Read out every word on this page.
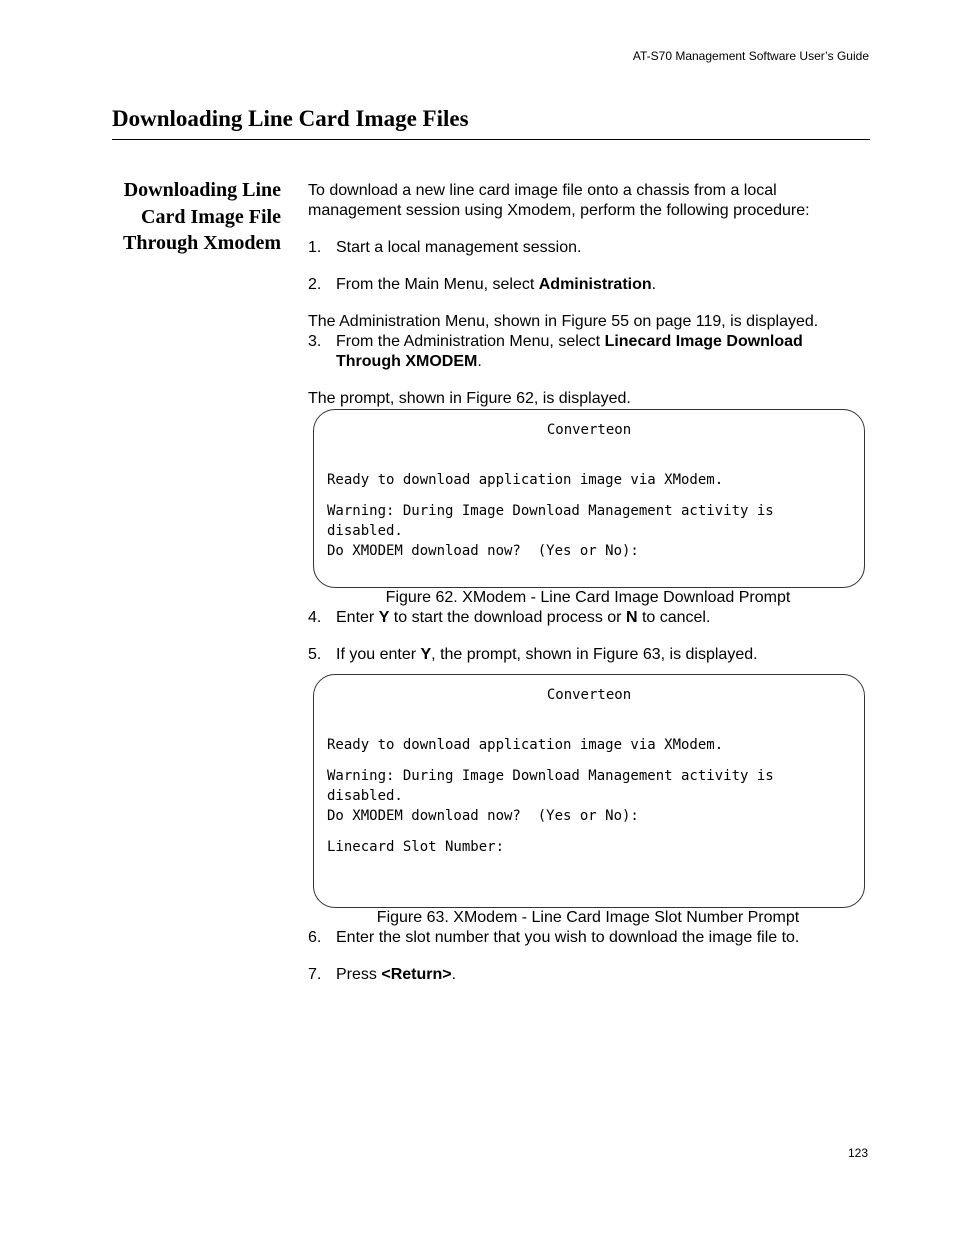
AT-S70 Management Software User’s Guide
Downloading Line Card Image Files
Downloading Line Card Image File Through Xmodem

To download a new line card image file onto a chassis from a local management session using Xmodem, perform the following procedure:

1. Start a local management session.
2. From the Main Menu, select Administration.

The Administration Menu, shown in Figure 55 on page 119, is displayed.

3. From the Administration Menu, select Linecard Image Download Through XMODEM.

The prompt, shown in Figure 62, is displayed.

Converteon
Ready to download application image via XModem.
Warning: During Image Download Management activity is disabled.
Do XMODEM download now?  (Yes or No):

Figure 62. XModem - Line Card Image Download Prompt

4. Enter Y to start the download process or N to cancel.
5. If you enter Y, the prompt, shown in Figure 63, is displayed.
Converteon
Ready to download application image via XModem.
Warning: During Image Download Management activity is disabled.
Do XMODEM download now?  (Yes or No):
Linecard Slot Number:

Figure 63. XModem - Line Card Image Slot Number Prompt

6. Enter the slot number that you wish to download the image file to.
7. Press <Return>.
123
